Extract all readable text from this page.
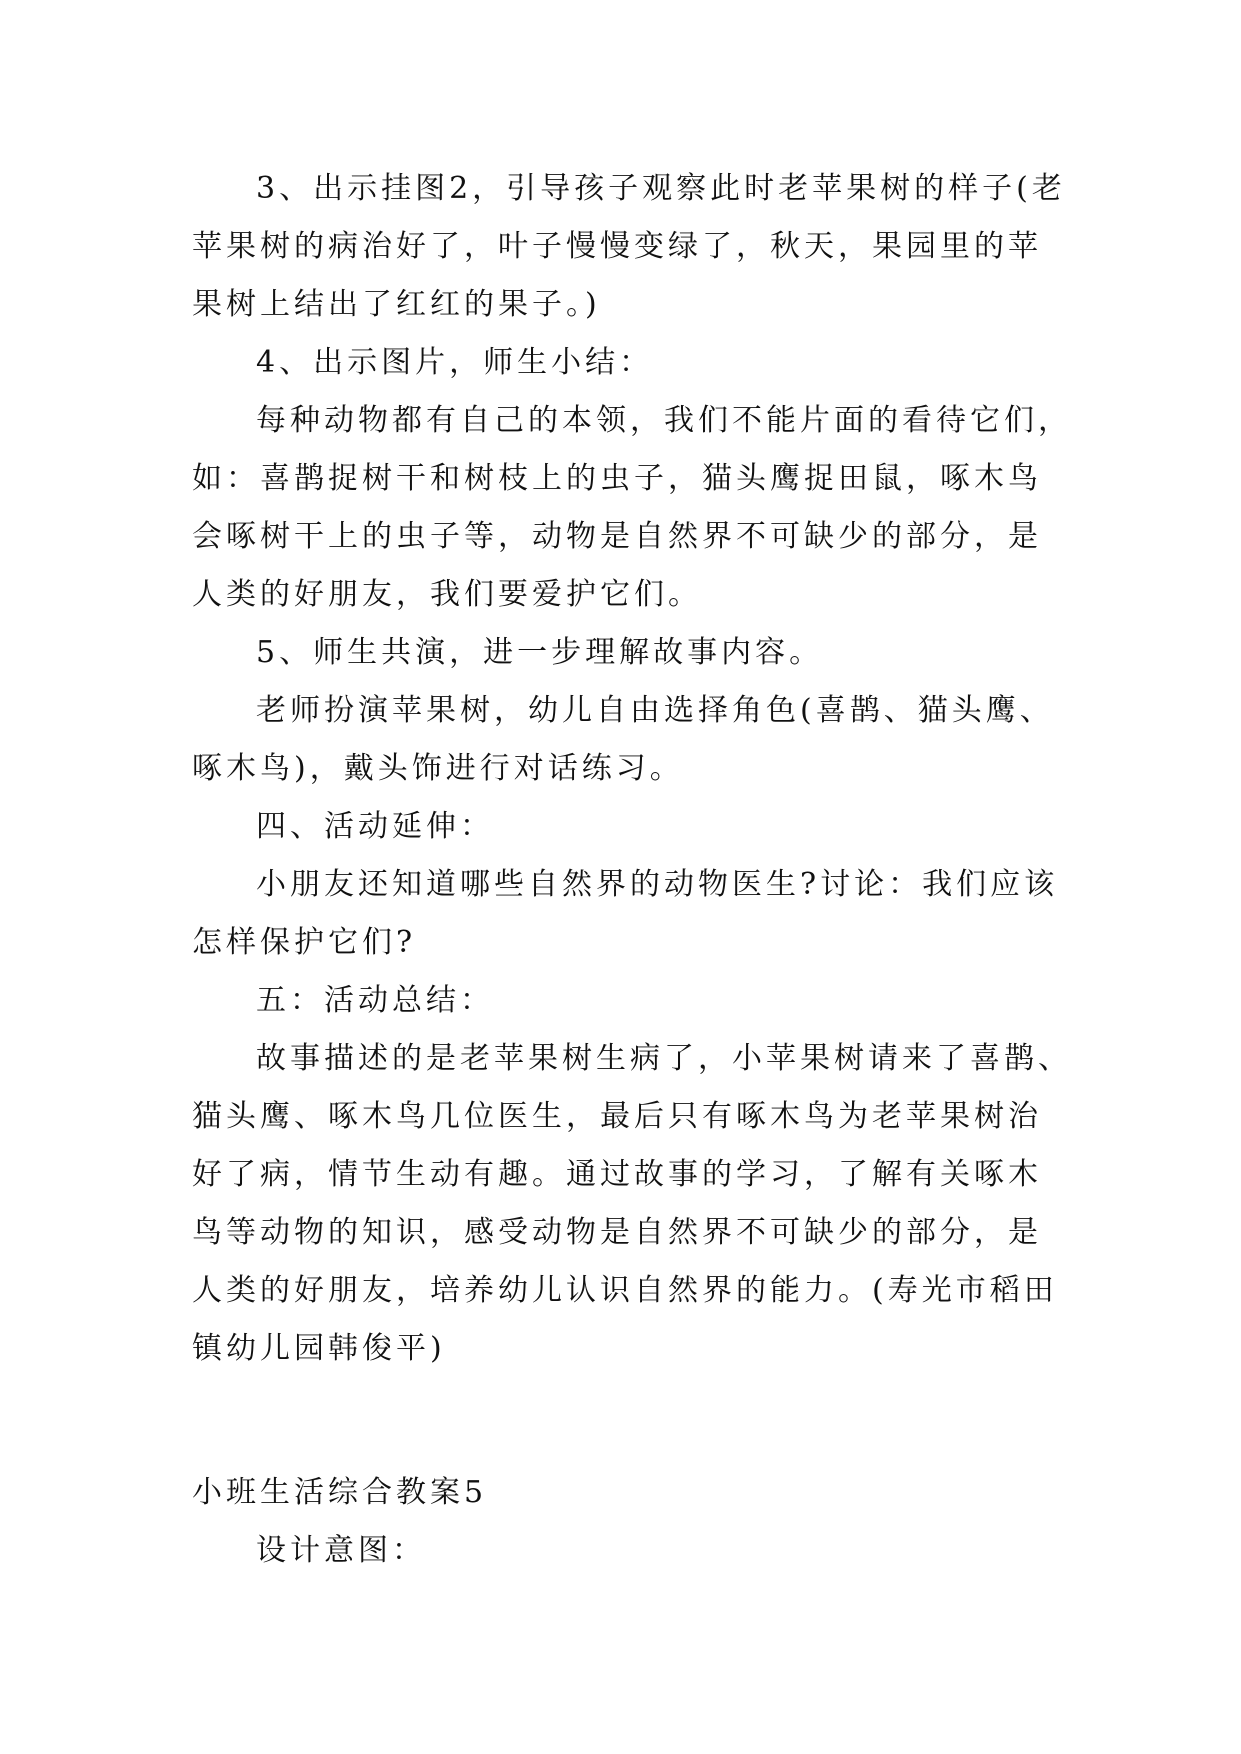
3、出示挂图2，引导孩子观察此时老苹果树的样子(老苹果树的病治好了，叶子慢慢变绿了，秋天，果园里的苹果树上结出了红红的果子。)

4、出示图片，师生小结：

每种动物都有自己的本领，我们不能片面的看待它们，如：喜鹊捉树干和树枝上的虫子，猫头鹰捉田鼠，啄木鸟会啄树干上的虫子等，动物是自然界不可缺少的部分，是人类的好朋友，我们要爱护它们。

5、师生共演，进一步理解故事内容。

老师扮演苹果树，幼儿自由选择角色(喜鹊、猫头鹰、啄木鸟)，戴头饰进行对话练习。

四、活动延伸：

小朋友还知道哪些自然界的动物医生?讨论：我们应该怎样保护它们?

五：活动总结：

故事描述的是老苹果树生病了，小苹果树请来了喜鹊、猫头鹰、啄木鸟几位医生，最后只有啄木鸟为老苹果树治好了病，情节生动有趣。通过故事的学习，了解有关啄木鸟等动物的知识，感受动物是自然界不可缺少的部分，是人类的好朋友，培养幼儿认识自然界的能力。(寿光市稻田镇幼儿园韩俊平)

小班生活综合教案5

设计意图：
